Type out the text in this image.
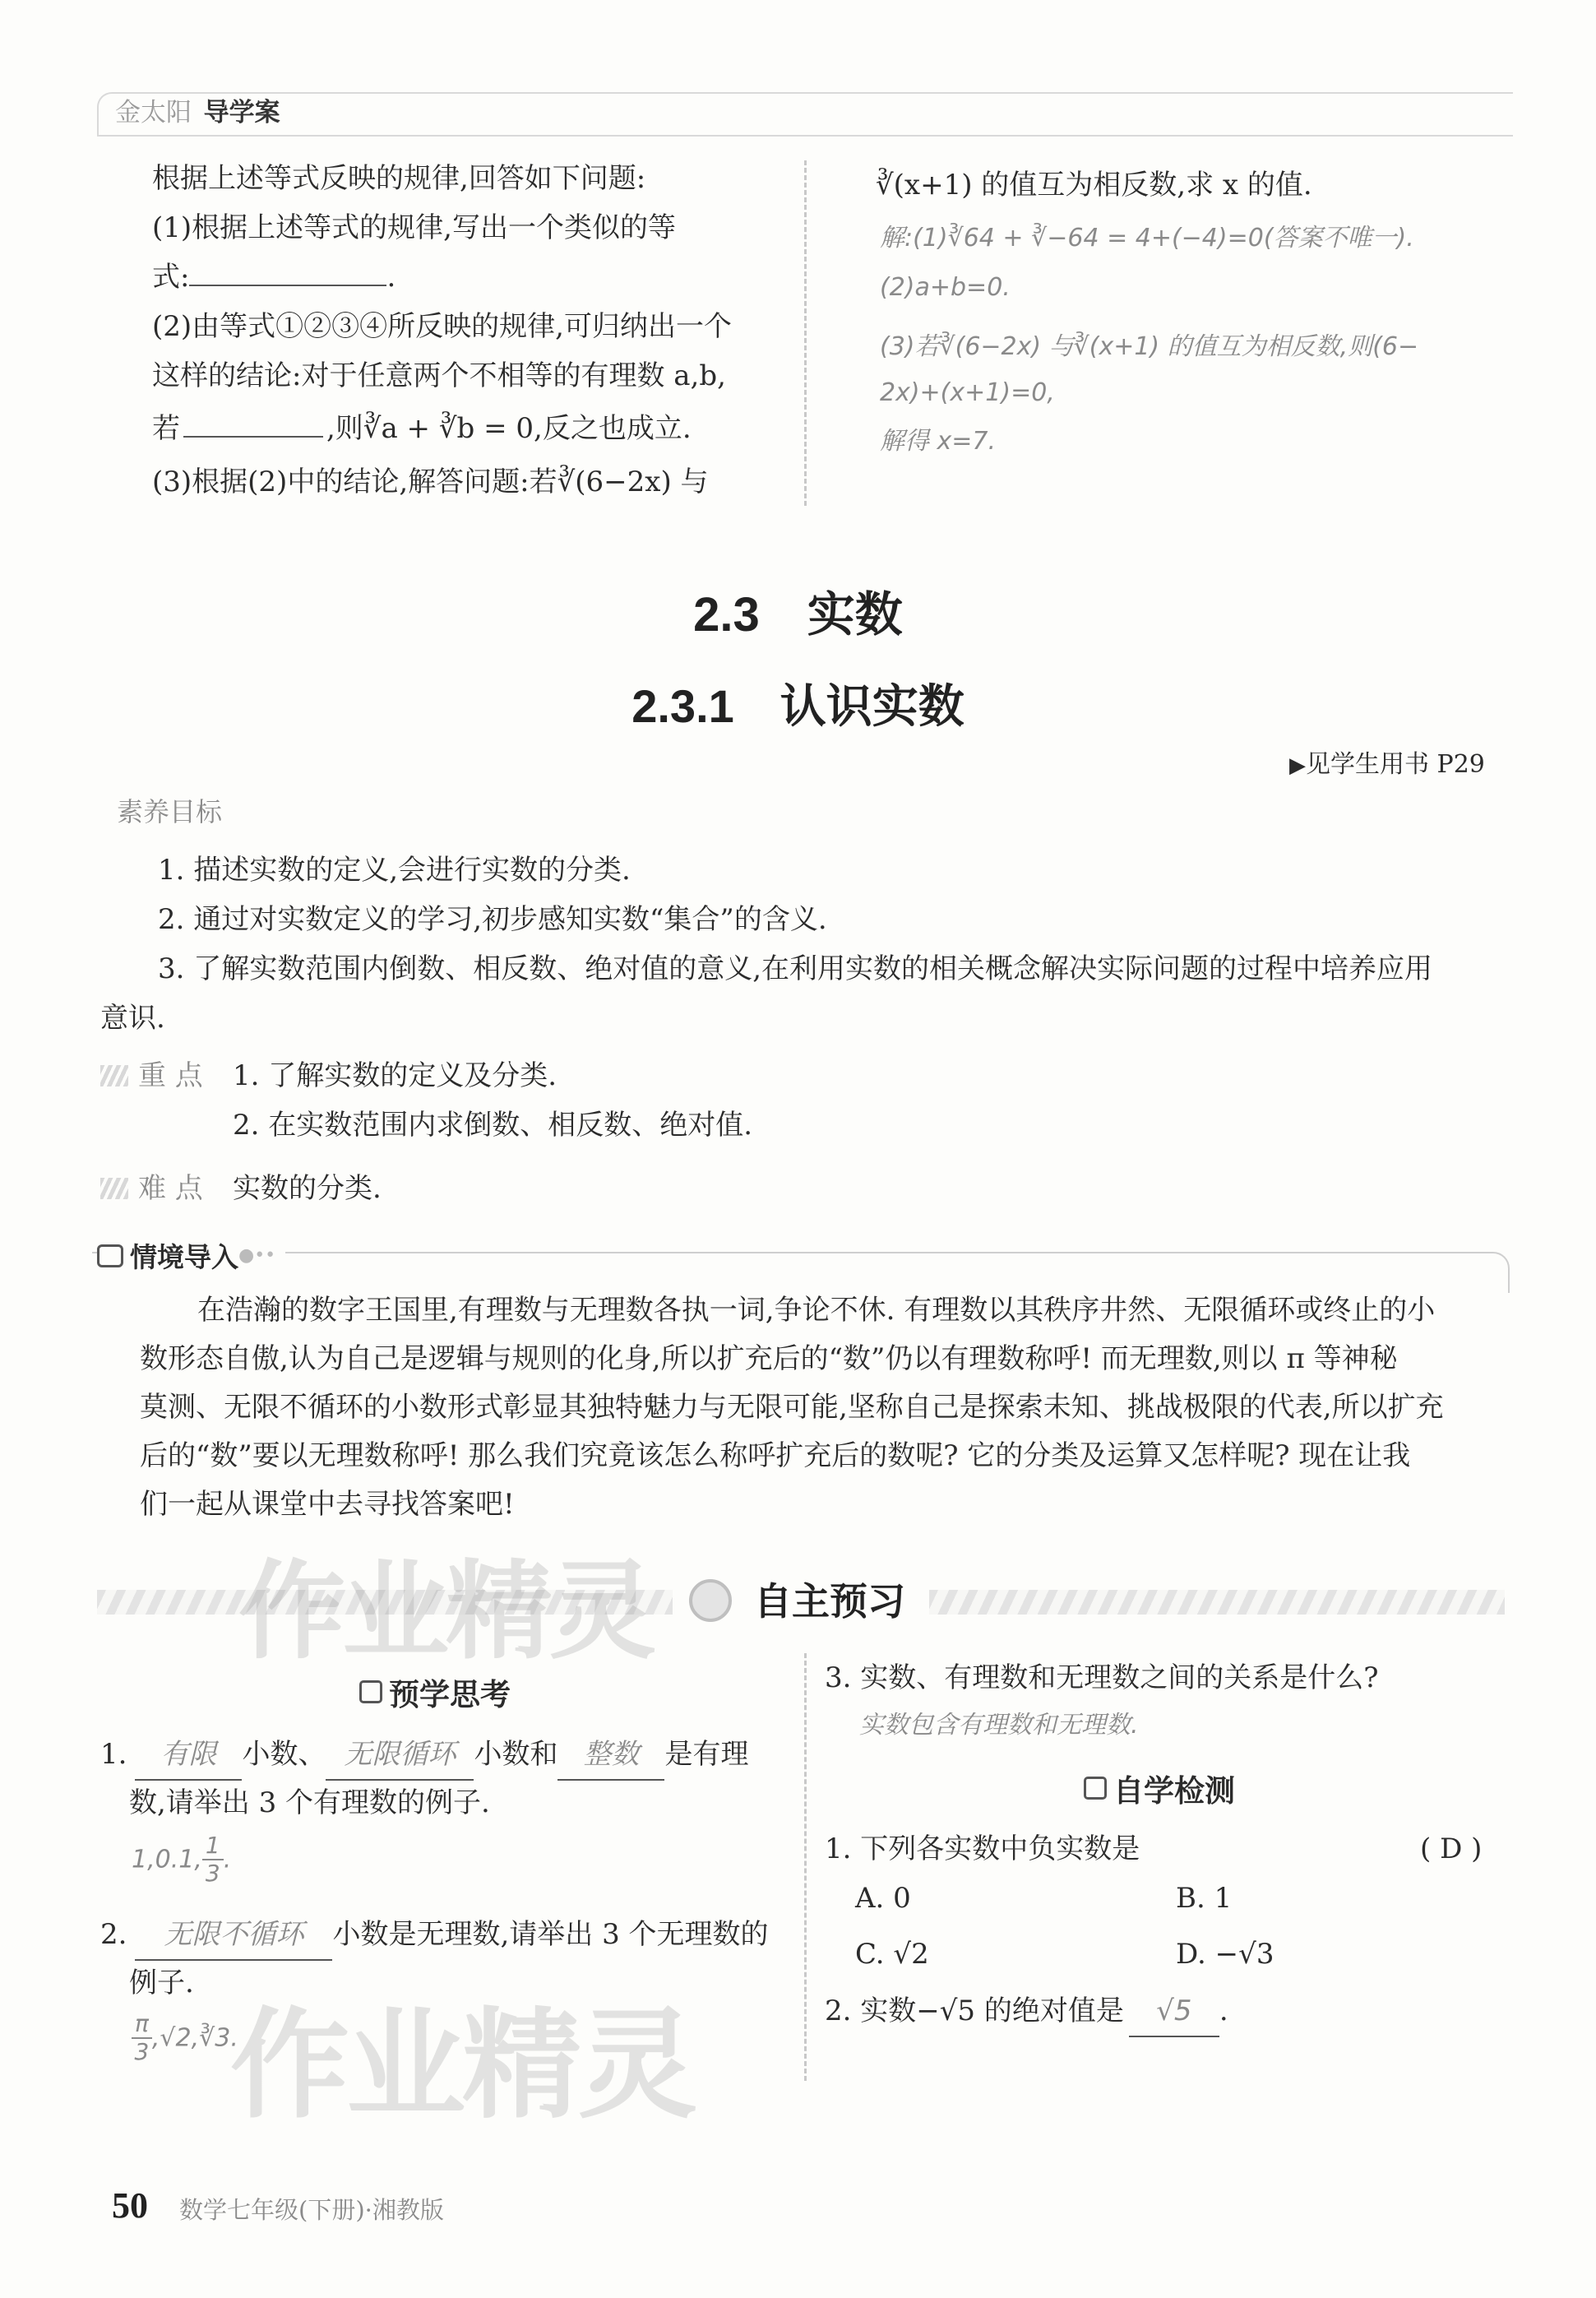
金太阳 导学案
根据上述等式反映的规律,回答如下问题:
(1)根据上述等式的规律,写出一个类似的等
式:	.
(2)由等式①②③④所反映的规律,可归纳出一个
这样的结论:对于任意两个不相等的有理数 a,b,
若	,则∛a + ∛b = 0,反之也成立.
(3)根据(2)中的结论,解答问题:若∛(6−2x) 与
∛(x+1) 的值互为相反数,求 x 的值.
解:(1)∛64 + ∛−64 = 4+(−4)=0(答案不唯一).
(2)a+b=0.
(3)若∛(6−2x) 与∛(x+1) 的值互为相反数,则(6−
2x)+(x+1)=0,
解得 x=7.
2.3　实数
2.3.1　认识实数
▶见学生用书 P29
素养目标
1. 描述实数的定义,会进行实数的分类.
2. 通过对实数定义的学习,初步感知实数“集合”的含义.
3. 了解实数范围内倒数、相反数、绝对值的意义,在利用实数的相关概念解决实际问题的过程中培养应用
意识.
重 点 1. 了解实数的定义及分类.
2. 在实数范围内求倒数、相反数、绝对值.
难 点 实数的分类.
情境导入●••
在浩瀚的数字王国里,有理数与无理数各执一词,争论不休. 有理数以其秩序井然、无限循环或终止的小
数形态自傲,认为自己是逻辑与规则的化身,所以扩充后的“数”仍以有理数称呼! 而无理数,则以 π 等神秘
莫测、无限不循环的小数形式彰显其独特魅力与无限可能,坚称自己是探索未知、挑战极限的代表,所以扩充
后的“数”要以无理数称呼! 那么我们究竟该怎么称呼扩充后的数呢? 它的分类及运算又怎样呢? 现在让我
们一起从课堂中去寻找答案吧!
作业精灵	自主预习
预学思考
1. 有限 小数、 无限循环 小数和 整数 是有理
数,请举出 3 个有理数的例子.
1,0.1, $\frac{1}{3}$ .
2. 无限不循环 小数是无理数,请举出 3 个无理数的
例子.
$\frac{\pi}{3}$ ,√2,∛3.
作业精灵
3. 实数、有理数和无理数之间的关系是什么?
实数包含有理数和无理数.
自学检测
1. 下列各实数中负实数是	( D )
A. 0	B. 1
C. √2	D. −√3
2. 实数−√5 的绝对值是 √5 .
50 数学七年级(下册)·湘教版
